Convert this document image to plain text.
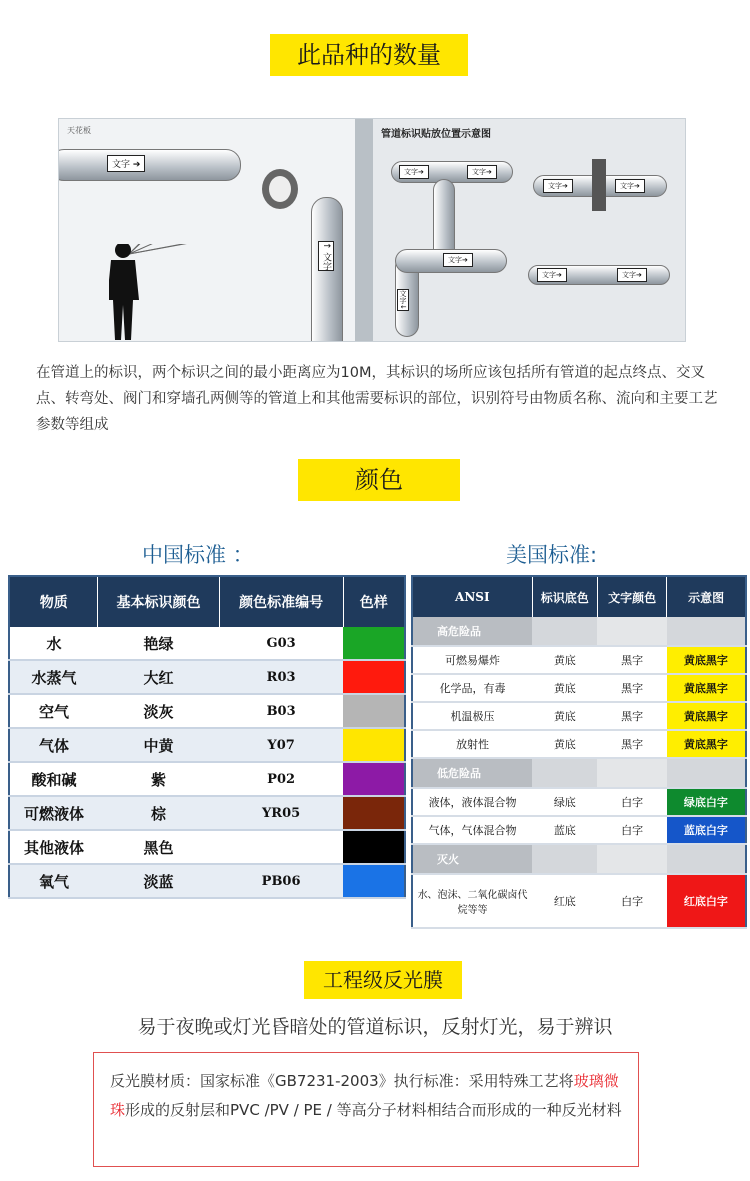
此品种的数量
天花板
文字 ➔
↑ 文字
管道标识贴放位置示意图
文字➔	文字➔
文字➔	文字➔
文字➔
文字↓
文字➔	文字➔
在管道上的标识，两个标识之间的最小距离应为10M，其标识的场所应该包括所有管道的起点终点、交叉点、转弯处、阀门和穿墙孔两侧等的管道上和其他需要标识的部位，识别符号由物质名称、流向和主要工艺参数等组成
颜色
中国标准 ：	美国标准:
物质	基本标识颜色	颜色标准编号	色样
水	艳绿	G03	
水蒸气	大红	R03	
空气	淡灰	B03	
气体	中黄	Y07	
酸和碱	紫	P02	
可燃液体	棕	YR05	
其他液体	黑色		
氧气	淡蓝	PB06	
ANSI	标识底色	文字颜色	示意图
高危险品			
可燃易爆炸	黄底	黑字	黄底黑字
化学品，有毒	黄底	黑字	黄底黑字
机温极压	黄底	黑字	黄底黑字
放射性	黄底	黑字	黄底黑字
低危险品			
液体，液体混合物	绿底	白字	绿底白字
气体，气体混合物	蓝底	白字	蓝底白字
灭火			
水、泡沫、二氧化碳卤代烷等等	红底	白字	红底白字
工程级反光膜
易于夜晚或灯光昏暗处的管道标识，反射灯光，易于辨识
反光膜材质：国家标准《GB7231-2003》执行标准：采用特殊工艺将玻璃微珠形成的反射层和PVC /PV / PE / 等高分子材料相结合而形成的一种反光材料
